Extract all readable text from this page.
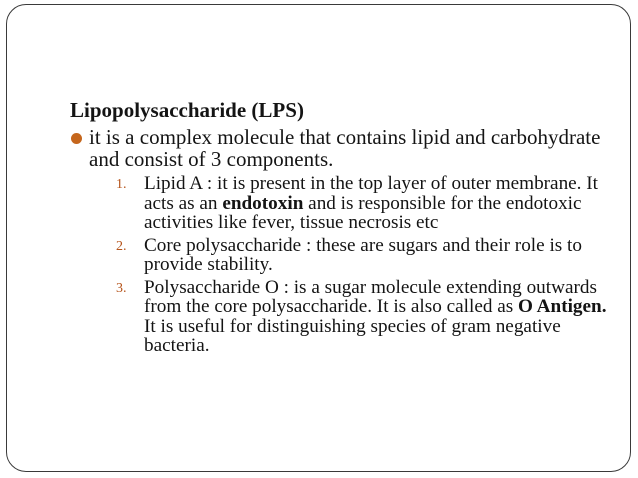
Lipopolysaccharide (LPS)
it is a complex molecule that contains lipid and carbohydrate and consist of 3 components.
1. Lipid A : it is present in the top layer of outer membrane. It acts as an endotoxin and is responsible for the endotoxic activities like fever, tissue necrosis etc
2. Core polysaccharide : these are sugars and their role is to provide stability.
3. Polysaccharide O : is a sugar molecule extending outwards from the core polysaccharide. It is also called as O Antigen. It is useful for distinguishing species of gram negative bacteria.
